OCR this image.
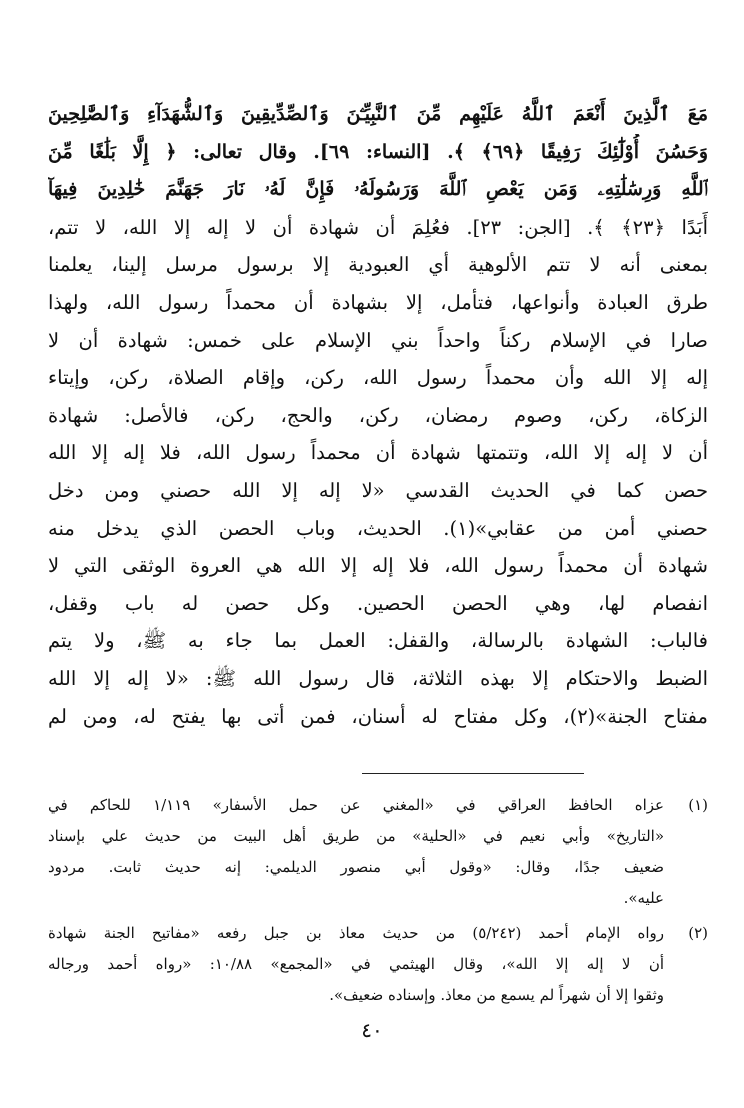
مَعَ ٱلَّذِينَ أَنْعَمَ ٱللَّهُ عَلَيْهِم مِّنَ ٱلنَّبِيِّـۧنَ وَٱلصِّدِّيقِينَ وَٱلشُّهَدَآءِ وَٱلصَّٰلِحِينَ
وَحَسُنَ أُوْلَٰٓئِكَ رَفِيقًا ﴿٦٩﴾ ﴾. [النساء: ٦٩]. وقال تعالى: ﴿ إِلَّا بَلَٰغًا مِّنَ
ٱللَّهِ وَرِسَٰلَٰتِهِۦ وَمَن يَعْصِ ٱللَّهَ وَرَسُولَهُۥ فَإِنَّ لَهُۥ نَارَ جَهَنَّمَ خَٰلِدِينَ فِيهَآ
أَبَدًا ﴿٢٣﴾ ﴾. [الجن: ٢٣]. فعُلِمَ أن شهادة أن لا إله إلا الله، لا تتم،
بمعنى أنه لا تتم الألوهية أي العبودية إلا برسول مرسل إلينا، يعلمنا
طرق العبادة وأنواعها، فتأمل، إلا بشهادة أن محمداً رسول الله، ولهذا
صارا في الإسلام ركناً واحداً بني الإسلام على خمس: شهادة أن لا
إله إلا الله وأن محمداً رسول الله، ركن، وإقام الصلاة، ركن، وإيتاء
الزكاة، ركن، وصوم رمضان، ركن، والحج، ركن، فالأصل: شهادة
أن لا إله إلا الله، وتتمتها شهادة أن محمداً رسول الله، فلا إله إلا الله
حصن كما في الحديث القدسي «لا إله إلا الله حصني ومن دخل
حصني أمن من عقابي»(١). الحديث، وباب الحصن الذي يدخل منه
شهادة أن محمداً رسول الله، فلا إله إلا الله هي العروة الوثقى التي لا
انفصام لها، وهي الحصن الحصين. وكل حصن له باب وقفل،
فالباب: الشهادة بالرسالة، والقفل: العمل بما جاء به ﷺ، ولا يتم
الضبط والاحتكام إلا بهذه الثلاثة، قال رسول الله ﷺ: «لا إله إلا الله
مفتاح الجنة»(٢)، وكل مفتاح له أسنان، فمن أتى بها يفتح له، ومن لم
(١)
عزاه الحافظ العراقي في «المغني عن حمل الأسفار» ١/١١٩ للحاكم في
«التاريخ» وأبي نعيم في «الحلية» من طريق أهل البيت من حديث علي بإسناد
ضعيف جدًا، وقال: «وقول أبي منصور الديلمي: إنه حديث ثابت. مردود
عليه».
(٢)
رواه الإمام أحمد (٥/٢٤٢) من حديث معاذ بن جبل رفعه «مفاتيح الجنة شهادة
أن لا إله إلا الله»، وقال الهيثمي في «المجمع» ١٠/٨٨: «رواه أحمد ورجاله
وثقوا إلا أن شهراً لم يسمع من معاذ. وإسناده ضعيف».
٤٠
